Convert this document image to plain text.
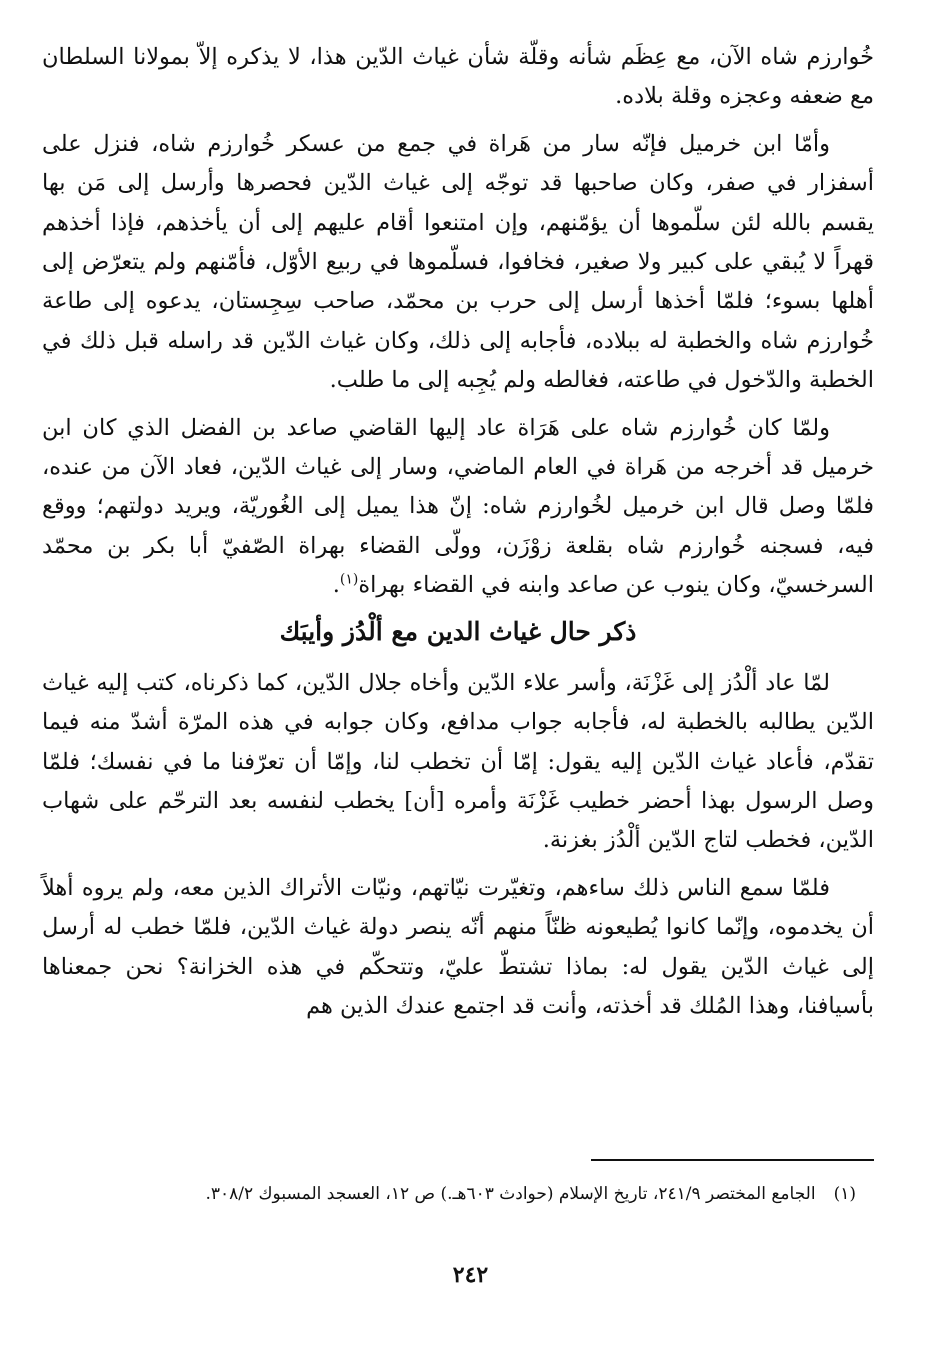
خُوارزم شاه الآن، مع عِظَم شأنه وقلّة شأن غياث الدّين هذا، لا يذكره إلاّ بمولانا السلطان مع ضعفه وعجزه وقلة بلاده.

وأمّا ابن خرميل فإنّه سار من هَراة في جمع من عسكر خُوارزم شاه، فنزل على أسفزار في صفر، وكان صاحبها قد توجّه إلى غياث الدّين فحصرها وأرسل إلى مَن بها يقسم بالله لئن سلّموها أن يؤمّنهم، وإن امتنعوا أقام عليهم إلى أن يأخذهم، فإذا أخذهم قهراً لا يُبقي على كبير ولا صغير، فخافوا، فسلّموها في ربيع الأوّل، فأمّنهم ولم يتعرّض إلى أهلها بسوء؛ فلمّا أخذها أرسل إلى حرب بن محمّد، صاحب سِجِستان، يدعوه إلى طاعة خُوارزم شاه والخطبة له ببلاده، فأجابه إلى ذلك، وكان غياث الدّين قد راسله قبل ذلك في الخطبة والدّخول في طاعته، فغالطه ولم يُجِبه إلى ما طلب.

ولمّا كان خُوارزم شاه على هَرَاة عاد إليها القاضي صاعد بن الفضل الذي كان ابن خرميل قد أخرجه من هَراة في العام الماضي، وسار إلى غياث الدّين، فعاد الآن من عنده، فلمّا وصل قال ابن خرميل لخُوارزم شاه: إنّ هذا يميل إلى الغُوريّة، ويريد دولتهم؛ ووقع فيه، فسجنه خُوارزم شاه بقلعة زوْزَن، وولّى القضاء بهراة الصّفيّ أبا بكر بن محمّد السرخسيّ، وكان ينوب عن صاعد وابنه في القضاء بهراة$^{(١)}$.

ذكر حال غياث الدين مع ألْدُز وأيبَك

لمّا عاد ألْدُز إلى غَزْنَة، وأسر علاء الدّين وأخاه جلال الدّين، كما ذكرناه، كتب إليه غياث الدّين يطالبه بالخطبة له، فأجابه جواب مدافع، وكان جوابه في هذه المرّة أشدّ منه فيما تقدّم، فأعاد غياث الدّين إليه يقول: إمّا أن تخطب لنا، وإمّا أن تعرّفنا ما في نفسك؛ فلمّا وصل الرسول بهذا أحضر خطيب غَزْنَة وأمره [أن] يخطب لنفسه بعد الترحّم على شهاب الدّين، فخطب لتاج الدّين ألْدُز بغزنة.

فلمّا سمع الناس ذلك ساءهم، وتغيّرت نيّاتهم، ونيّات الأتراك الذين معه، ولم يروه أهلاً أن يخدموه، وإنّما كانوا يُطيعونه ظنّاً منهم أنّه ينصر دولة غياث الدّين، فلمّا خطب له أرسل إلى غياث الدّين يقول له: بماذا تشتطّ عليّ، وتتحكّم في هذه الخزانة؟ نحن جمعناها بأسيافنا، وهذا المُلك قد أخذته، وأنت قد اجتمع عندك الذين هم

(١)
الجامع المختصر ٢٤١/٩، تاريخ الإسلام (حوادث ٦٠٣هـ.) ص ١٢، العسجد المسبوك ٣٠٨/٢.
٢٤٢
